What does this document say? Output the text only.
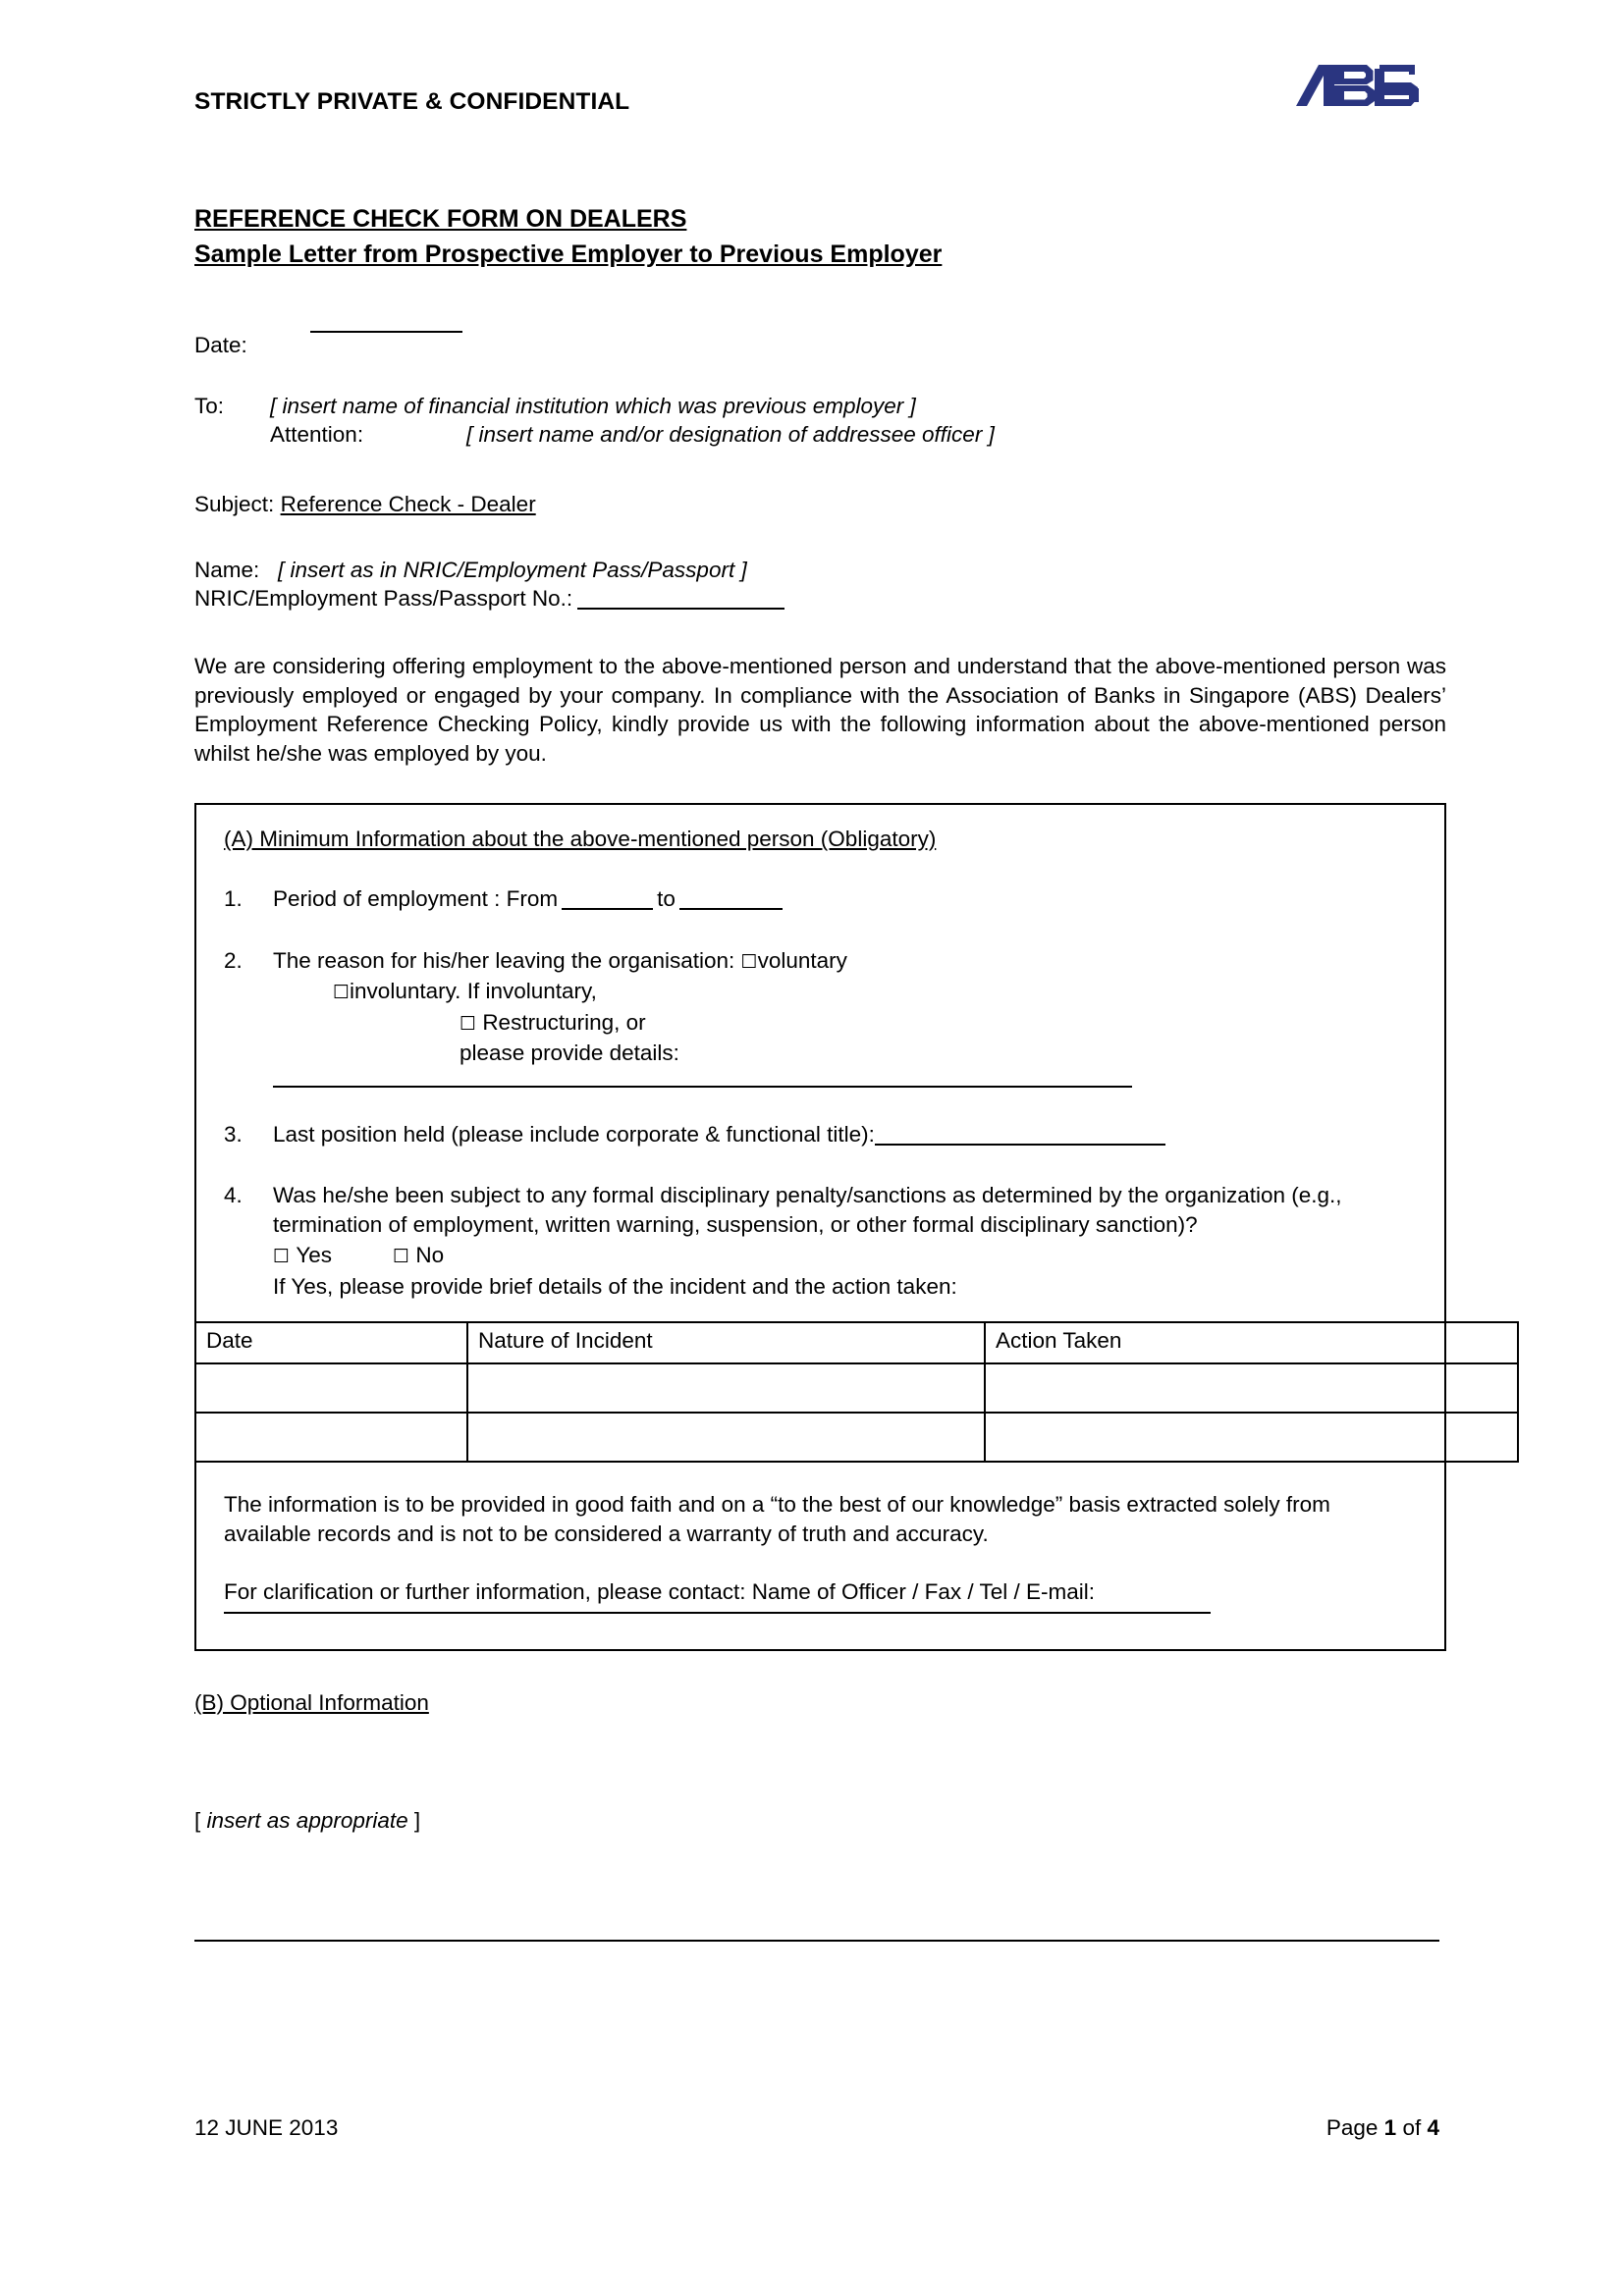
STRICTLY PRIVATE & CONFIDENTIAL
REFERENCE CHECK FORM ON DEALERS
Sample Letter from Prospective Employer to Previous Employer
Date:
To:	[ insert name of financial institution which was previous employer ]
Attention:	[ insert name and/or designation of addressee officer ]
Subject: Reference Check - Dealer
Name: [ insert as in NRIC/Employment Pass/Passport ]
NRIC/Employment Pass/Passport No.:
We are considering offering employment to the above-mentioned person and understand that the above-mentioned person was previously employed or engaged by your company. In compliance with the Association of Banks in Singapore (ABS) Dealers’ Employment Reference Checking Policy, kindly provide us with the following information about the above-mentioned person whilst he/she was employed by you.
(A) Minimum Information about the above-mentioned person (Obligatory)
1.	Period of employment : From	to
2.	The reason for his/her leaving the organisation: ☐voluntary
☐involuntary. If involuntary,
☐ Restructuring, or
please provide details:
3.	Last position held (please include corporate & functional title):
4.	Was he/she been subject to any formal disciplinary penalty/sanctions as determined by the organization (e.g., termination of employment, written warning, suspension, or other formal disciplinary sanction)?
☐ Yes	☐ No
If Yes, please provide brief details of the incident and the action taken:
Date	Nature of Incident	Action Taken

The information is to be provided in good faith and on a “to the best of our knowledge” basis extracted solely from available records and is not to be considered a warranty of truth and accuracy.
For clarification or further information, please contact: Name of Officer / Fax / Tel / E-mail:
(B) Optional Information
[ insert as appropriate ]
12 JUNE 2013	Page 1 of 4
